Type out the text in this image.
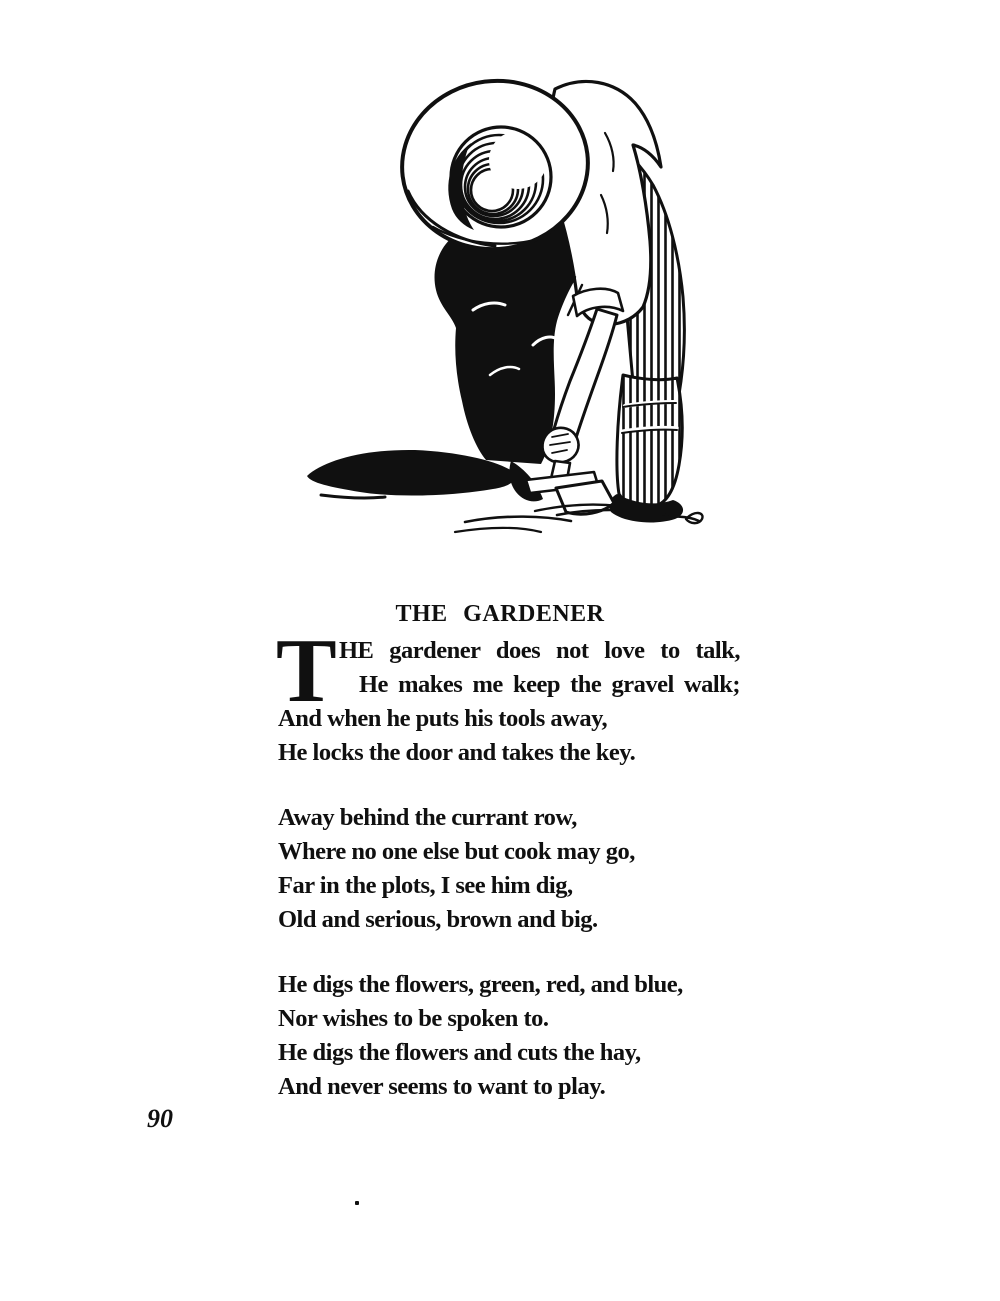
THE GARDENER
T HE gardener does not love to talk,

He makes me keep the gravel walk;

And when he puts his tools away,

He locks the door and takes the key.

Away behind the currant row,

Where no one else but cook may go,

Far in the plots, I see him dig,

Old and serious, brown and big.

He digs the flowers, green, red, and blue,

Nor wishes to be spoken to.

He digs the flowers and cuts the hay,

And never seems to want to play.

90
